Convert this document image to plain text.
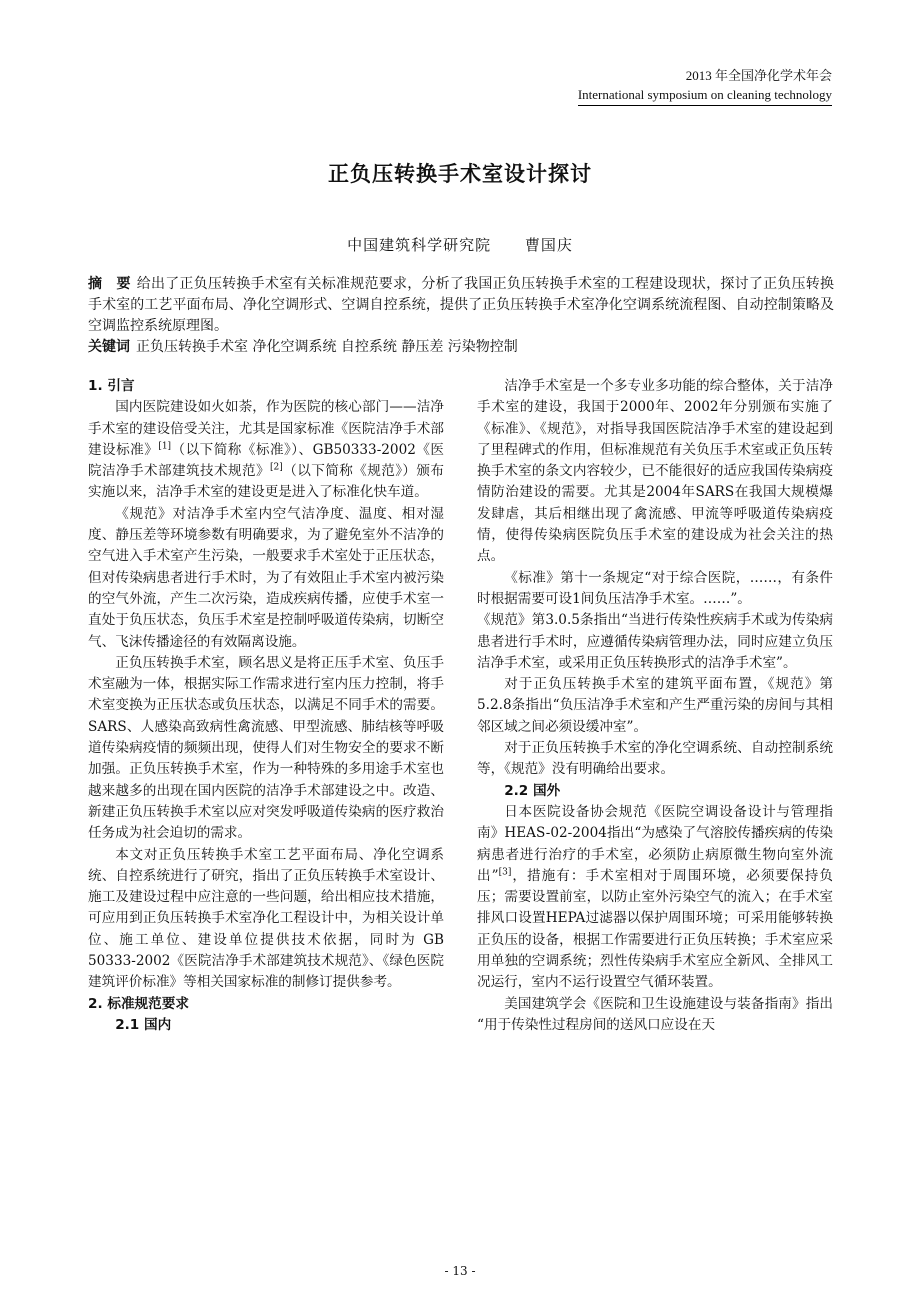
2013 年全国净化学术年会
International symposium on cleaning technology
正负压转换手术室设计探讨
中国建筑科学研究院 曹国庆
摘　要 给出了正负压转换手术室有关标准规范要求，分析了我国正负压转换手术室的工程建设现状，探讨了正负压转换手术室的工艺平面布局、净化空调形式、空调自控系统，提供了正负压转换手术室净化空调系统流程图、自动控制策略及空调监控系统原理图。
关键词 正负压转换手术室 净化空调系统 自控系统 静压差 污染物控制

1. 引言

国内医院建设如火如荼，作为医院的核心部门——洁净手术室的建设倍受关注，尤其是国家标准《医院洁净手术部建设标准》[1]（以下简称《标准》）、GB50333-2002《医院洁净手术部建筑技术规范》[2]（以下简称《规范》）颁布实施以来，洁净手术室的建设更是进入了标准化快车道。

《规范》对洁净手术室内空气洁净度、温度、相对湿度、静压差等环境参数有明确要求，为了避免室外不洁净的空气进入手术室产生污染，一般要求手术室处于正压状态，但对传染病患者进行手术时，为了有效阻止手术室内被污染的空气外流，产生二次污染，造成疾病传播，应使手术室一直处于负压状态，负压手术室是控制呼吸道传染病，切断空气、飞沫传播途径的有效隔离设施。

正负压转换手术室，顾名思义是将正压手术室、负压手术室融为一体，根据实际工作需求进行室内压力控制，将手术室变换为正压状态或负压状态，以满足不同手术的需要。SARS、人感染高致病性禽流感、甲型流感、肺结核等呼吸道传染病疫情的频频出现，使得人们对生物安全的要求不断加强。正负压转换手术室，作为一种特殊的多用途手术室也越来越多的出现在国内医院的洁净手术部建设之中。改造、新建正负压转换手术室以应对突发呼吸道传染病的医疗救治任务成为社会迫切的需求。

本文对正负压转换手术室工艺平面布局、净化空调系统、自控系统进行了研究，指出了正负压转换手术室设计、施工及建设过程中应注意的一些问题，给出相应技术措施，可应用到正负压转换手术室净化工程设计中，为相关设计单位、施工单位、建设单位提供技术依据，同时为 GB 50333-2002《医院洁净手术部建筑技术规范》、《绿色医院建筑评价标准》等相关国家标准的制修订提供参考。

2. 标准规范要求

2.1 国内

洁净手术室是一个多专业多功能的综合整体，关于洁净手术室的建设，我国于2000年、2002年分别颁布实施了《标准》、《规范》，对指导我国医院洁净手术室的建设起到了里程碑式的作用，但标准规范有关负压手术室或正负压转换手术室的条文内容较少，已不能很好的适应我国传染病疫情防治建设的需要。尤其是2004年SARS在我国大规模爆发肆虐，其后相继出现了禽流感、甲流等呼吸道传染病疫情，使得传染病医院负压手术室的建设成为社会关注的热点。

《标准》第十一条规定“对于综合医院，……，有条件时根据需要可设1间负压洁净手术室。……”。

《规范》第3.0.5条指出“当进行传染性疾病手术或为传染病患者进行手术时，应遵循传染病管理办法，同时应建立负压洁净手术室，或采用正负压转换形式的洁净手术室”。

对于正负压转换手术室的建筑平面布置，《规范》第5.2.8条指出“负压洁净手术室和产生严重污染的房间与其相邻区域之间必须设缓冲室”。

对于正负压转换手术室的净化空调系统、自动控制系统等，《规范》没有明确给出要求。

2.2 国外

日本医院设备协会规范《医院空调设备设计与管理指南》HEAS-02-2004指出“为感染了气溶胶传播疾病的传染病患者进行治疗的手术室，必须防止病原微生物向室外流出”[3]，措施有：手术室相对于周围环境，必须要保持负压；需要设置前室，以防止室外污染空气的流入；在手术室排风口设置HEPA过滤器以保护周围环境；可采用能够转换正负压的设备，根据工作需要进行正负压转换；手术室应采用单独的空调系统；烈性传染病手术室应全新风、全排风工况运行，室内不运行设置空气循环装置。

美国建筑学会《医院和卫生设施建设与装备指南》指出 “用于传染性过程房间的送风口应设在天

- 13 -
